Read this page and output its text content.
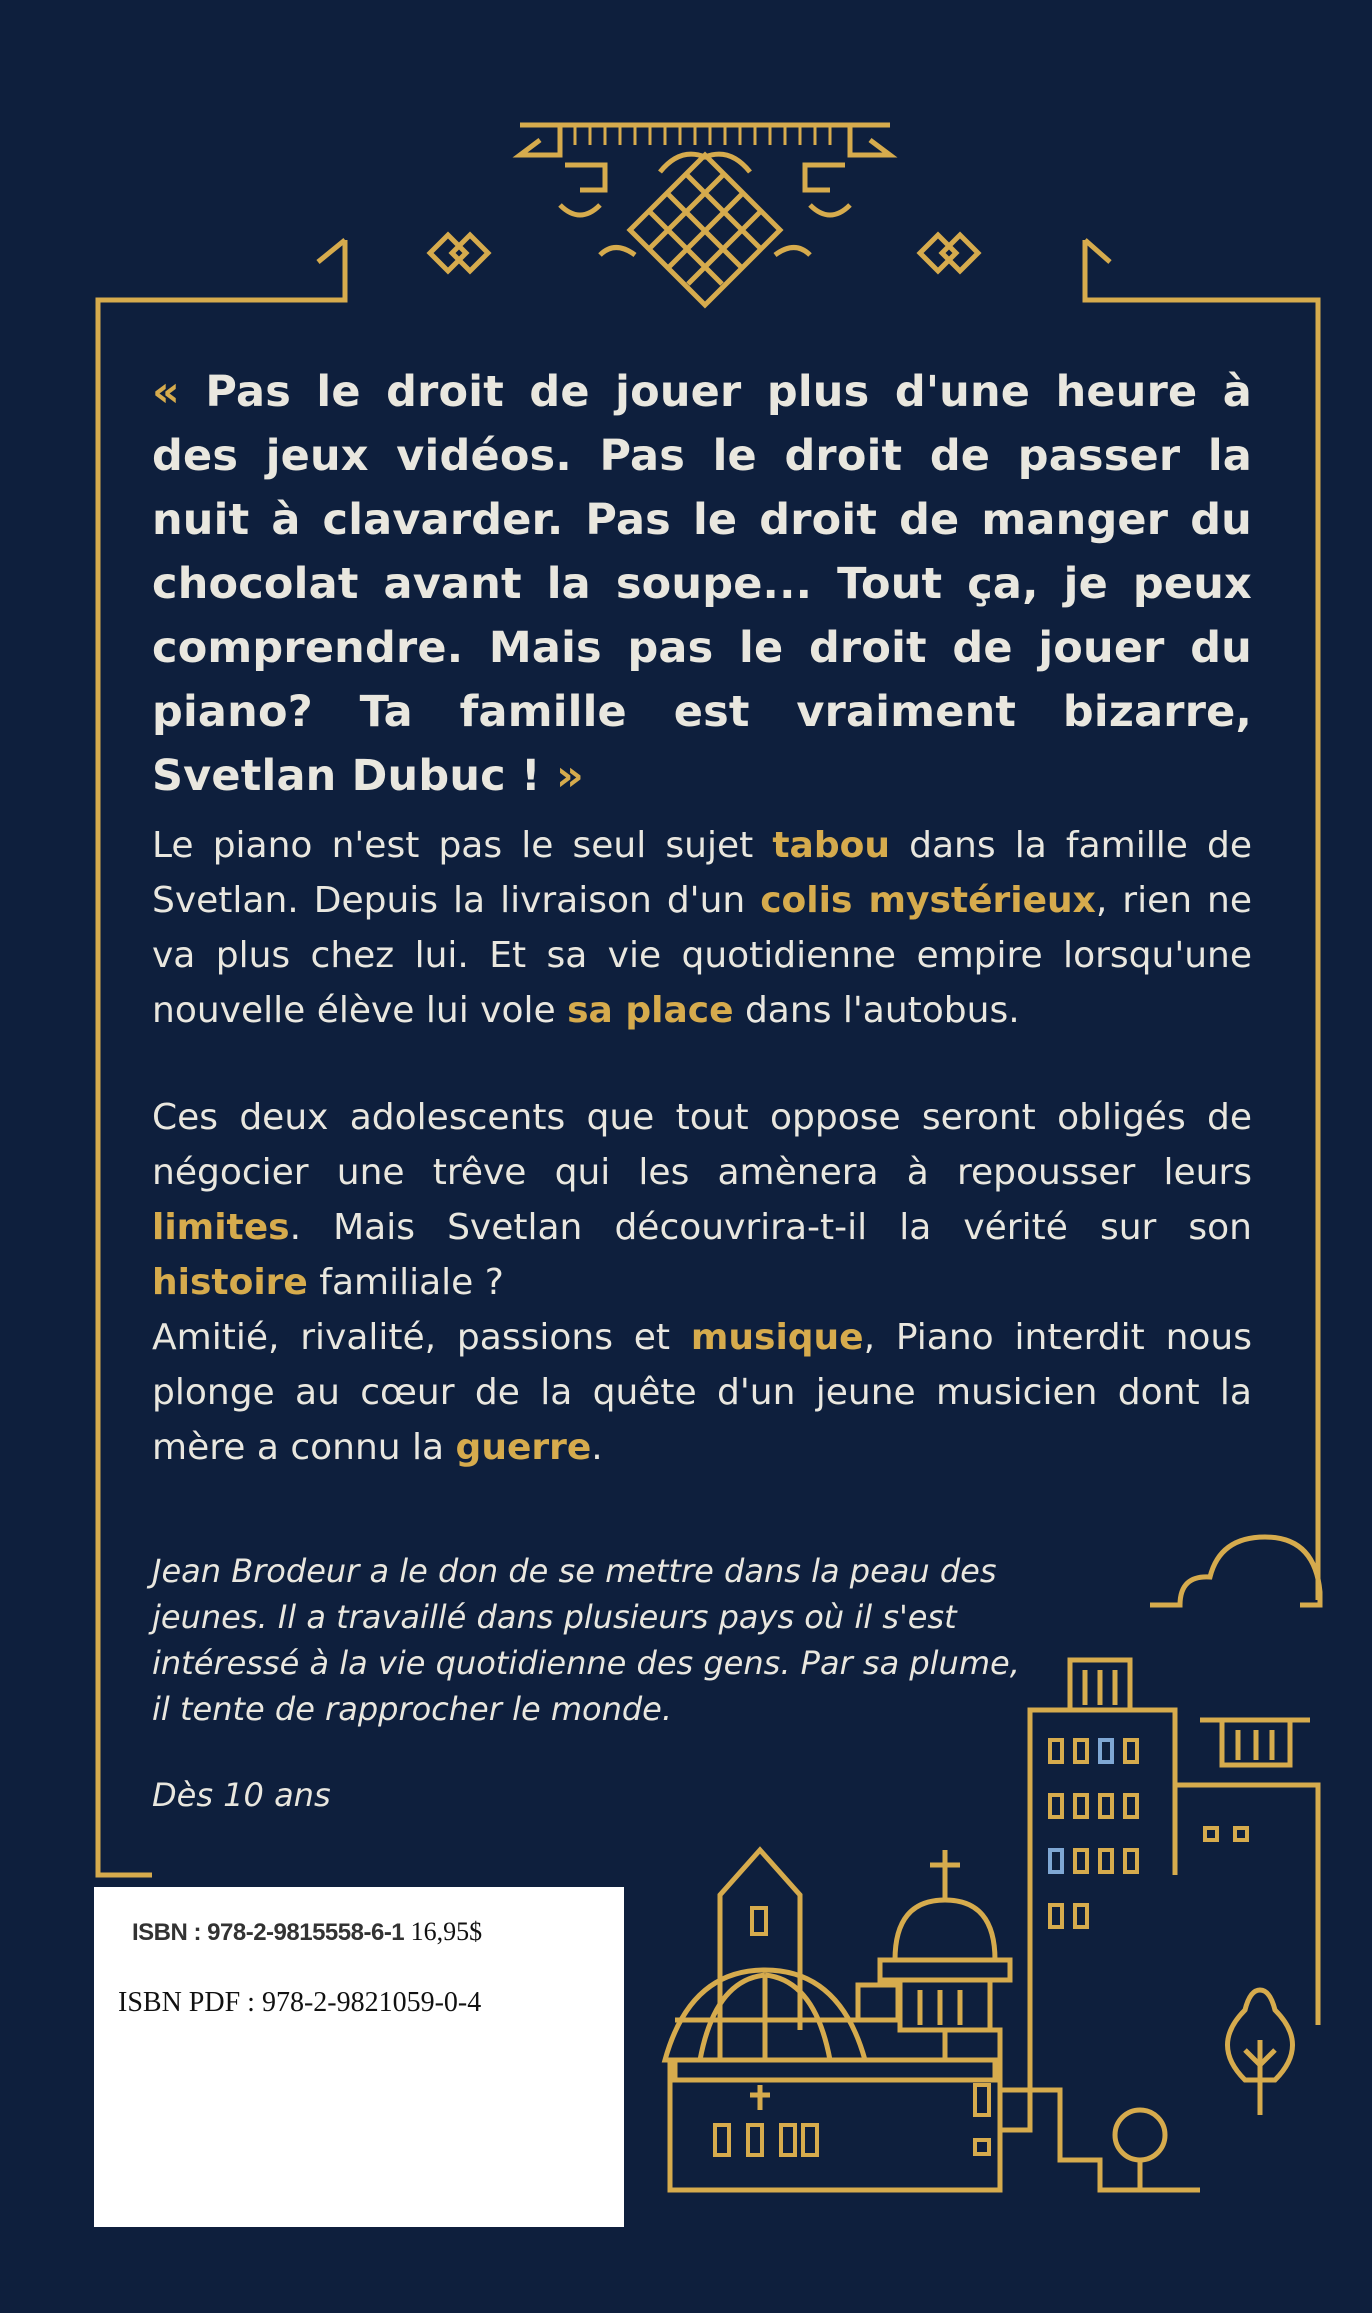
« Pas le droit de jouer plus d'une heure à des jeux vidéos. Pas le droit de passer la nuit à clavarder. Pas le droit de manger du chocolat avant la soupe... Tout ça, je peux comprendre. Mais pas le droit de jouer du piano? Ta famille est vraiment bizarre, Svetlan Dubuc ! »
Le piano n'est pas le seul sujet tabou dans la famille de Svetlan. Depuis la livraison d'un colis mystérieux, rien ne va plus chez lui. Et sa vie quotidienne empire lorsqu'une nouvelle élève lui vole sa place dans l'autobus.
Ces deux adolescents que tout oppose seront obligés de négocier une trêve qui les amènera à repousser leurs limites. Mais Svetlan découvrira-t-il la vérité sur son histoire familiale ?
Amitié, rivalité, passions et musique, Piano interdit nous plonge au cœur de la quête d'un jeune musicien dont la mère a connu la guerre.
Jean Brodeur a le don de se mettre dans la peau des jeunes. Il a travaillé dans plusieurs pays où il s'est intéressé à la vie quotidienne des gens. Par sa plume, il tente de rapprocher le monde.
Dès 10 ans
ISBN : 978-2-9815558-6-1 16,95$
ISBN PDF : 978-2-9821059-0-4
